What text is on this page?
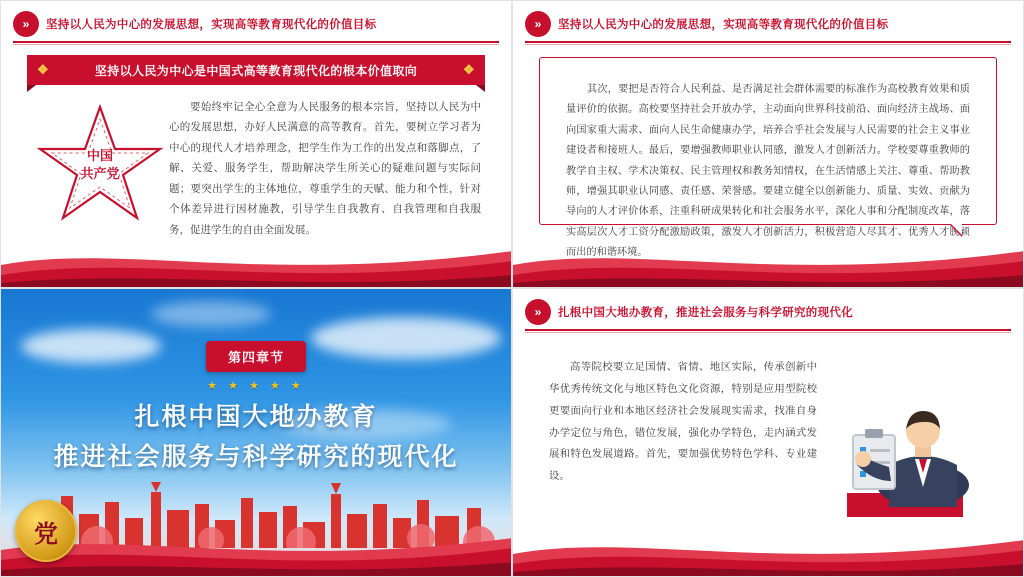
»	坚持以人民为中心的发展思想，实现高等教育现代化的价值目标
❖ 坚持以人民为中心是中国式高等教育现代化的根本价值取向
❖
中国
共产党
要始终牢记全心全意为人民服务的根本宗旨，坚持以人民为中心的发展思想，办好人民满意的高等教育。首先，要树立学习者为中心的现代人才培养理念，把学生作为工作的出发点和落脚点，了解、关爱、服务学生，帮助解决学生所关心的疑难问题与实际问题；要突出学生的主体地位，尊重学生的天赋、能力和个性，针对个体差异进行因材施教，引导学生自我教育、自我管理和自我服务，促进学生的自由全面发展。
»	坚持以人民为中心的发展思想，实现高等教育现代化的价值目标
其次，要把是否符合人民利益、是否满足社会群体需要的标准作为高校教育效果和质量评价的依据。高校要坚持社会开放办学，主动面向世界科技前沿、面向经济主战场、面向国家重大需求、面向人民生命健康办学，培养合乎社会发展与人民需要的社会主义事业建设者和接班人。最后，要增强教师职业认同感，激发人才创新活力。学校要尊重教师的教学自主权、学术决策权、民主管理权和教务知情权，在生活情感上关注、尊重、帮助教师，增强其职业认同感、责任感、荣誉感。要建立健全以创新能力、质量、实效、贡献为导向的人才评价体系，注重科研成果转化和社会服务水平，深化人事和分配制度改革，落实高层次人才工资分配激励政策，激发人才创新活力，积极营造人尽其才、优秀人才脱颖而出的和谐环境。
第四章节
★ ★ ★ ★ ★
扎根中国大地办教育
推进社会服务与科学研究的现代化
党
»	扎根中国大地办教育，推进社会服务与科学研究的现代化
高等院校要立足国情、省情、地区实际，传承创新中华优秀传统文化与地区特色文化资源，特别是应用型院校更要面向行业和本地区经济社会发展现实需求，找准自身办学定位与角色，错位发展，强化办学特色，走内涵式发展和特色发展道路。首先，要加强优势特色学科、专业建设。
